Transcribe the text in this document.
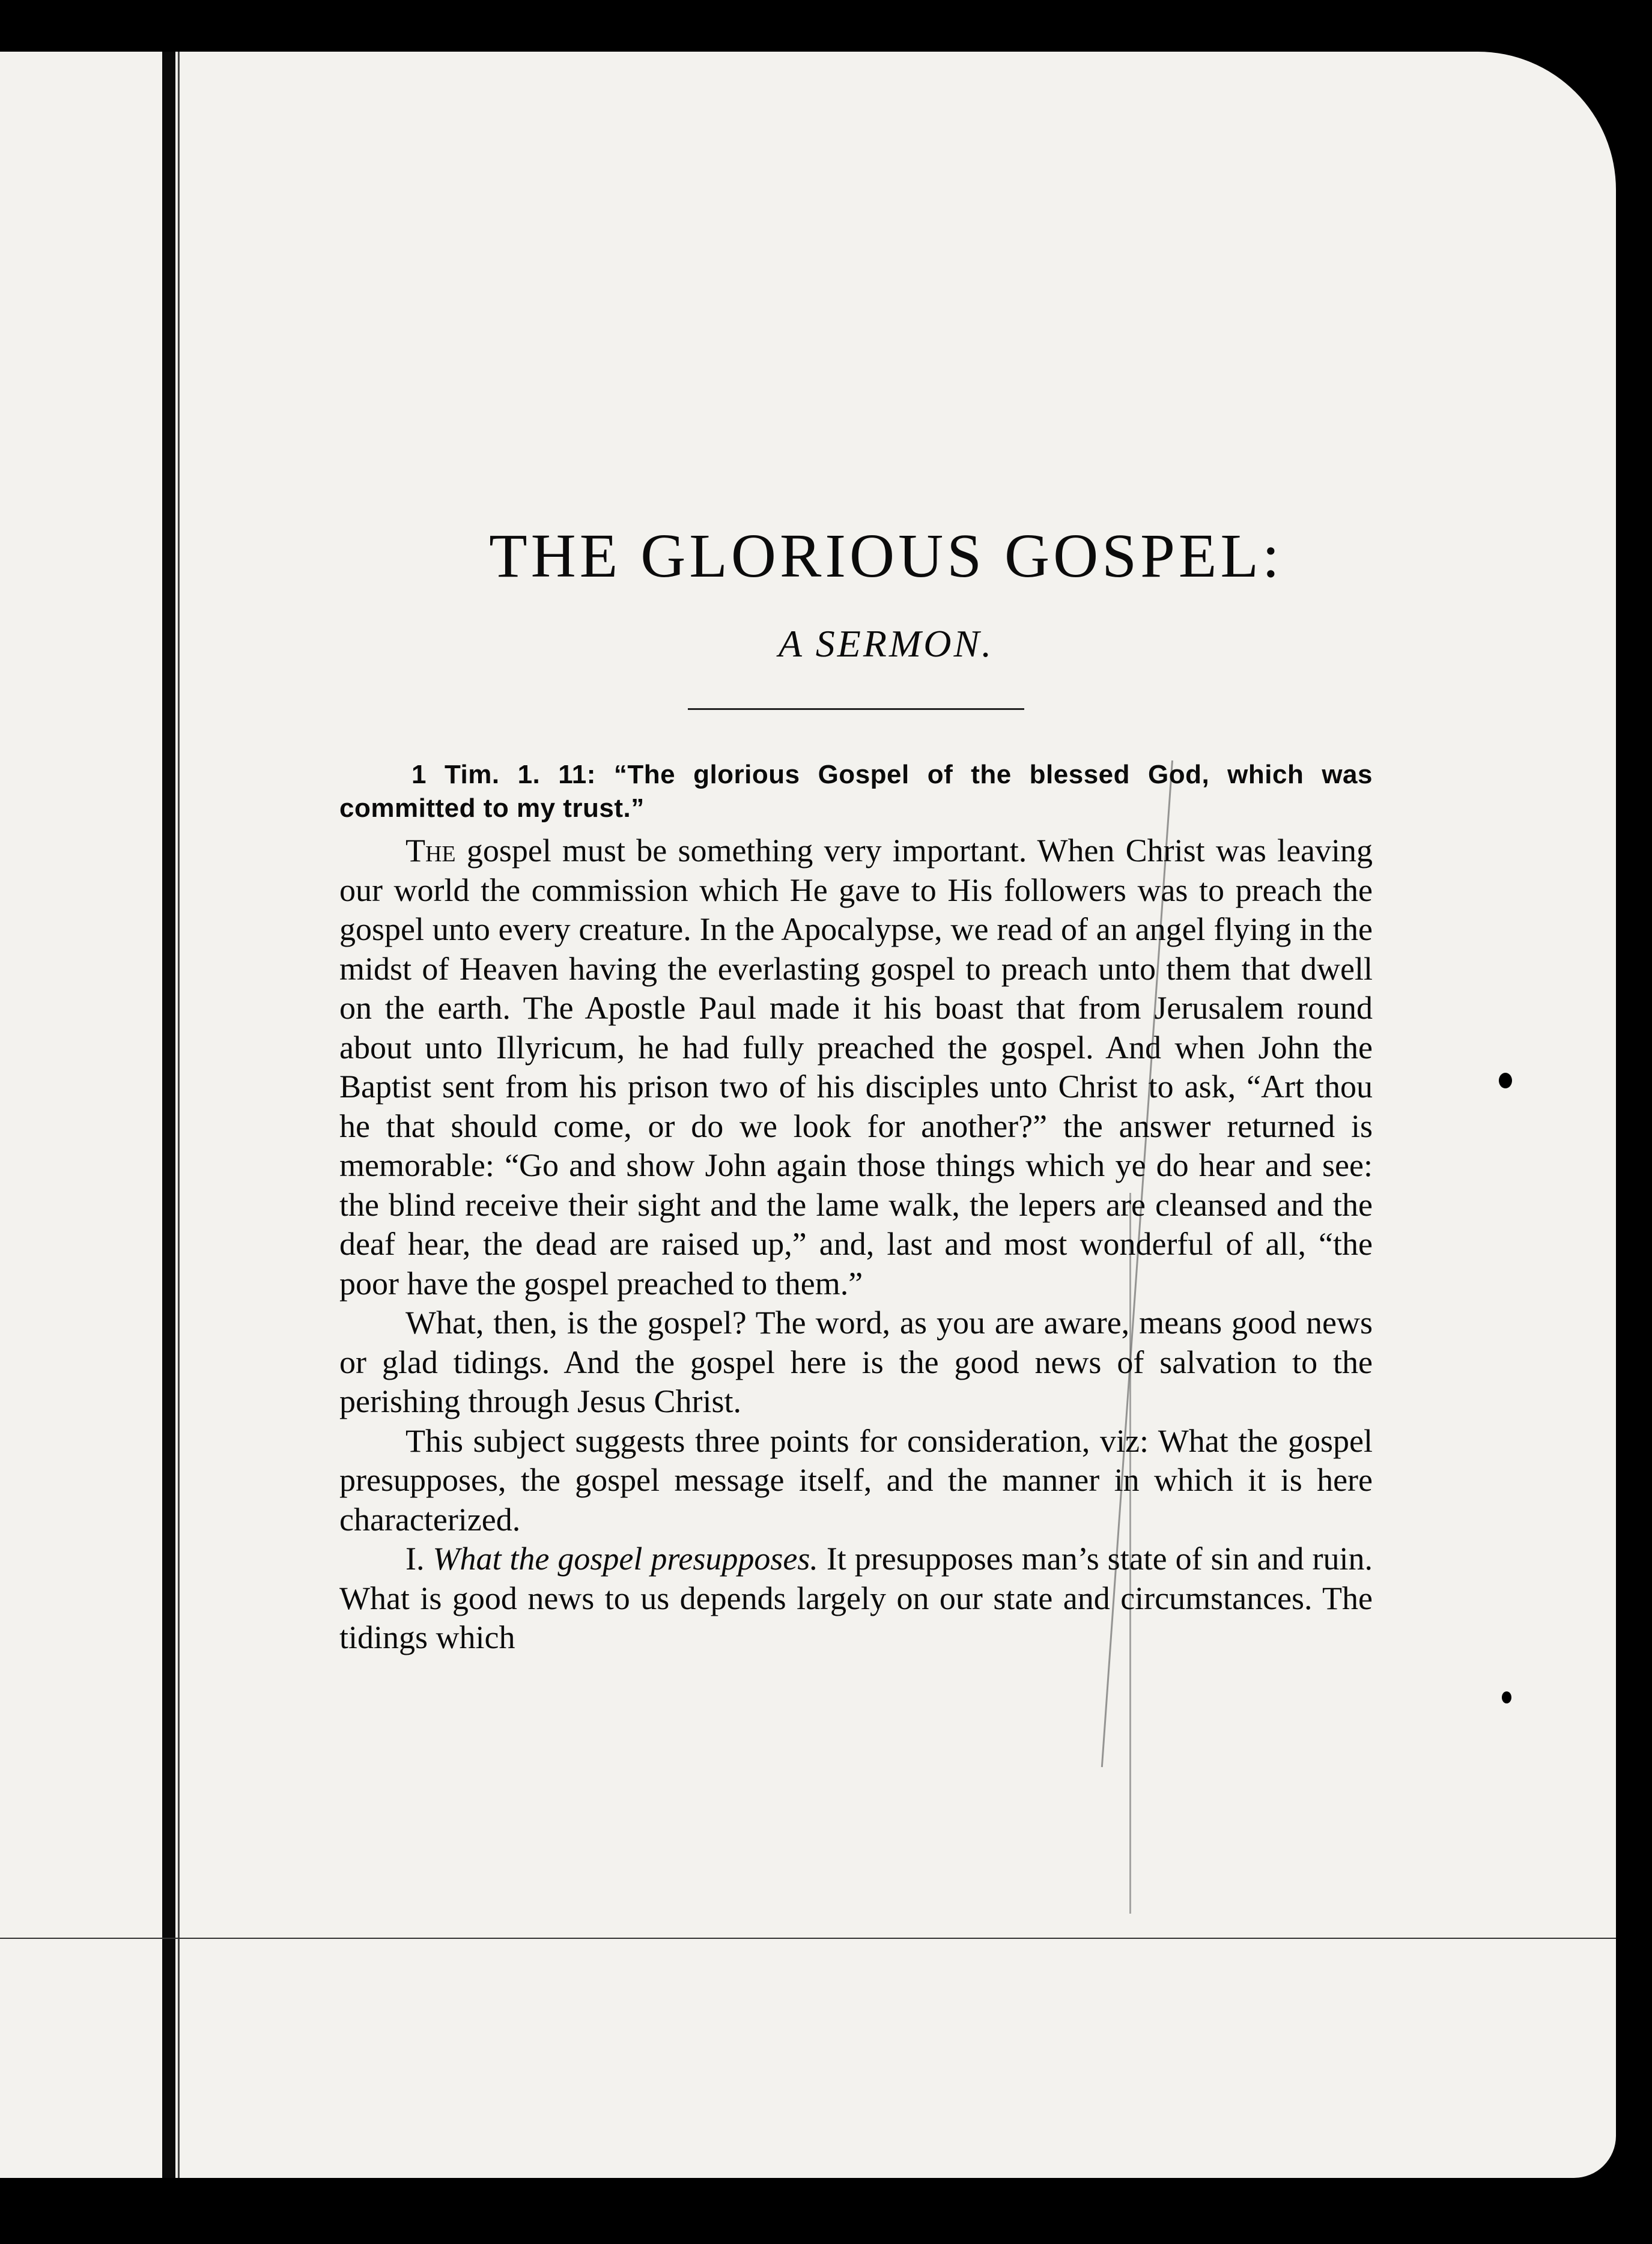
THE GLORIOUS GOSPEL:
A SERMON.

1 Tim. 1. 11: “The glorious Gospel of the blessed God, which was committed to my trust.”

The gospel must be something very important. When Christ was leaving our world the commission which He gave to His followers was to preach the gospel unto every creature. In the Apocalypse, we read of an angel flying in the midst of Heaven having the everlasting gospel to preach unto them that dwell on the earth. The Apostle Paul made it his boast that from Jerusalem round about unto Illyricum, he had fully preached the gospel. And when John the Baptist sent from his prison two of his disciples unto Christ to ask, “Art thou he that should come, or do we look for another?” the answer returned is memorable: “Go and show John again those things which ye do hear and see: the blind receive their sight and the lame walk, the lepers are cleansed and the deaf hear, the dead are raised up,” and, last and most wonderful of all, “the poor have the gospel preached to them.”

What, then, is the gospel? The word, as you are aware, means good news or glad tidings. And the gospel here is the good news of salvation to the perishing through Jesus Christ.

This subject suggests three points for consideration, viz: What the gospel presupposes, the gospel message itself, and the manner in which it is here characterized.

I. What the gospel presupposes. It presupposes man’s state of sin and ruin. What is good news to us depends largely on our state and circumstances. The tidings which
